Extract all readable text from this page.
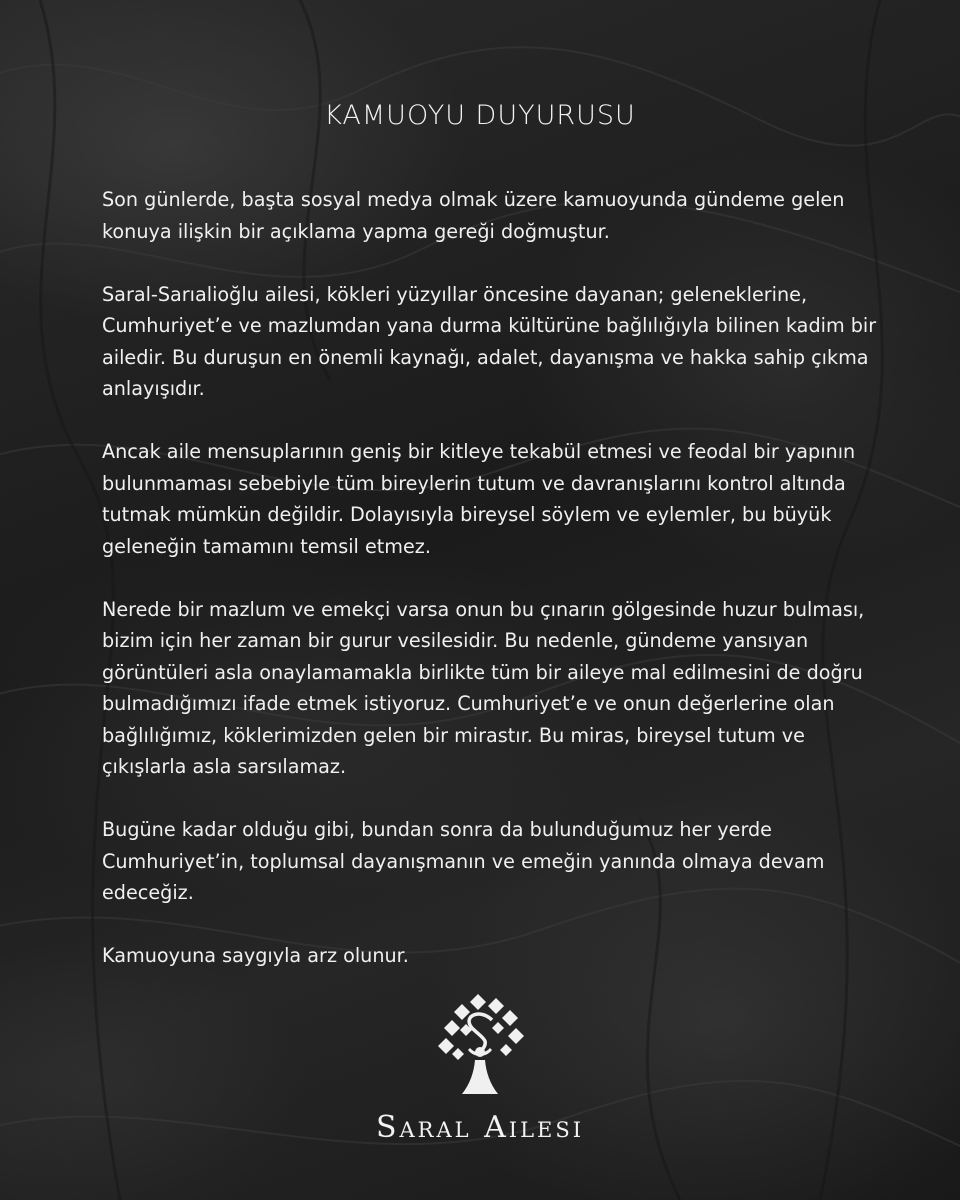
KAMUOYU DUYURUSU

Son günlerde, başta sosyal medya olmak üzere kamuoyunda gündeme gelen konuya ilişkin bir açıklama yapma gereği doğmuştur.

Saral-Sarıalioğlu ailesi, kökleri yüzyıllar öncesine dayanan; geleneklerine, Cumhuriyet’e ve mazlumdan yana durma kültürüne bağlılığıyla bilinen kadim bir ailedir. Bu duruşun en önemli kaynağı, adalet, dayanışma ve hakka sahip çıkma anlayışıdır.

Ancak aile mensuplarının geniş bir kitleye tekabül etmesi ve feodal bir yapının bulunmaması sebebiyle tüm bireylerin tutum ve davranışlarını kontrol altında tutmak mümkün değildir. Dolayısıyla bireysel söylem ve eylemler, bu büyük geleneğin tamamını temsil etmez.

Nerede bir mazlum ve emekçi varsa onun bu çınarın gölgesinde huzur bulması, bizim için her zaman bir gurur vesilesidir. Bu nedenle, gündeme yansıyan görüntüleri asla onaylamamakla birlikte tüm bir aileye mal edilmesini de doğru bulmadığımızı ifade etmek istiyoruz. Cumhuriyet’e ve onun değerlerine olan bağlılığımız, köklerimizden gelen bir mirastır. Bu miras, bireysel tutum ve çıkışlarla asla sarsılamaz.

Bugüne kadar olduğu gibi, bundan sonra da bulunduğumuz her yerde Cumhuriyet’in, toplumsal dayanışmanın ve emeğin yanında olmaya devam edeceğiz.

Kamuoyuna saygıyla arz olunur.

Saral Ailesi
